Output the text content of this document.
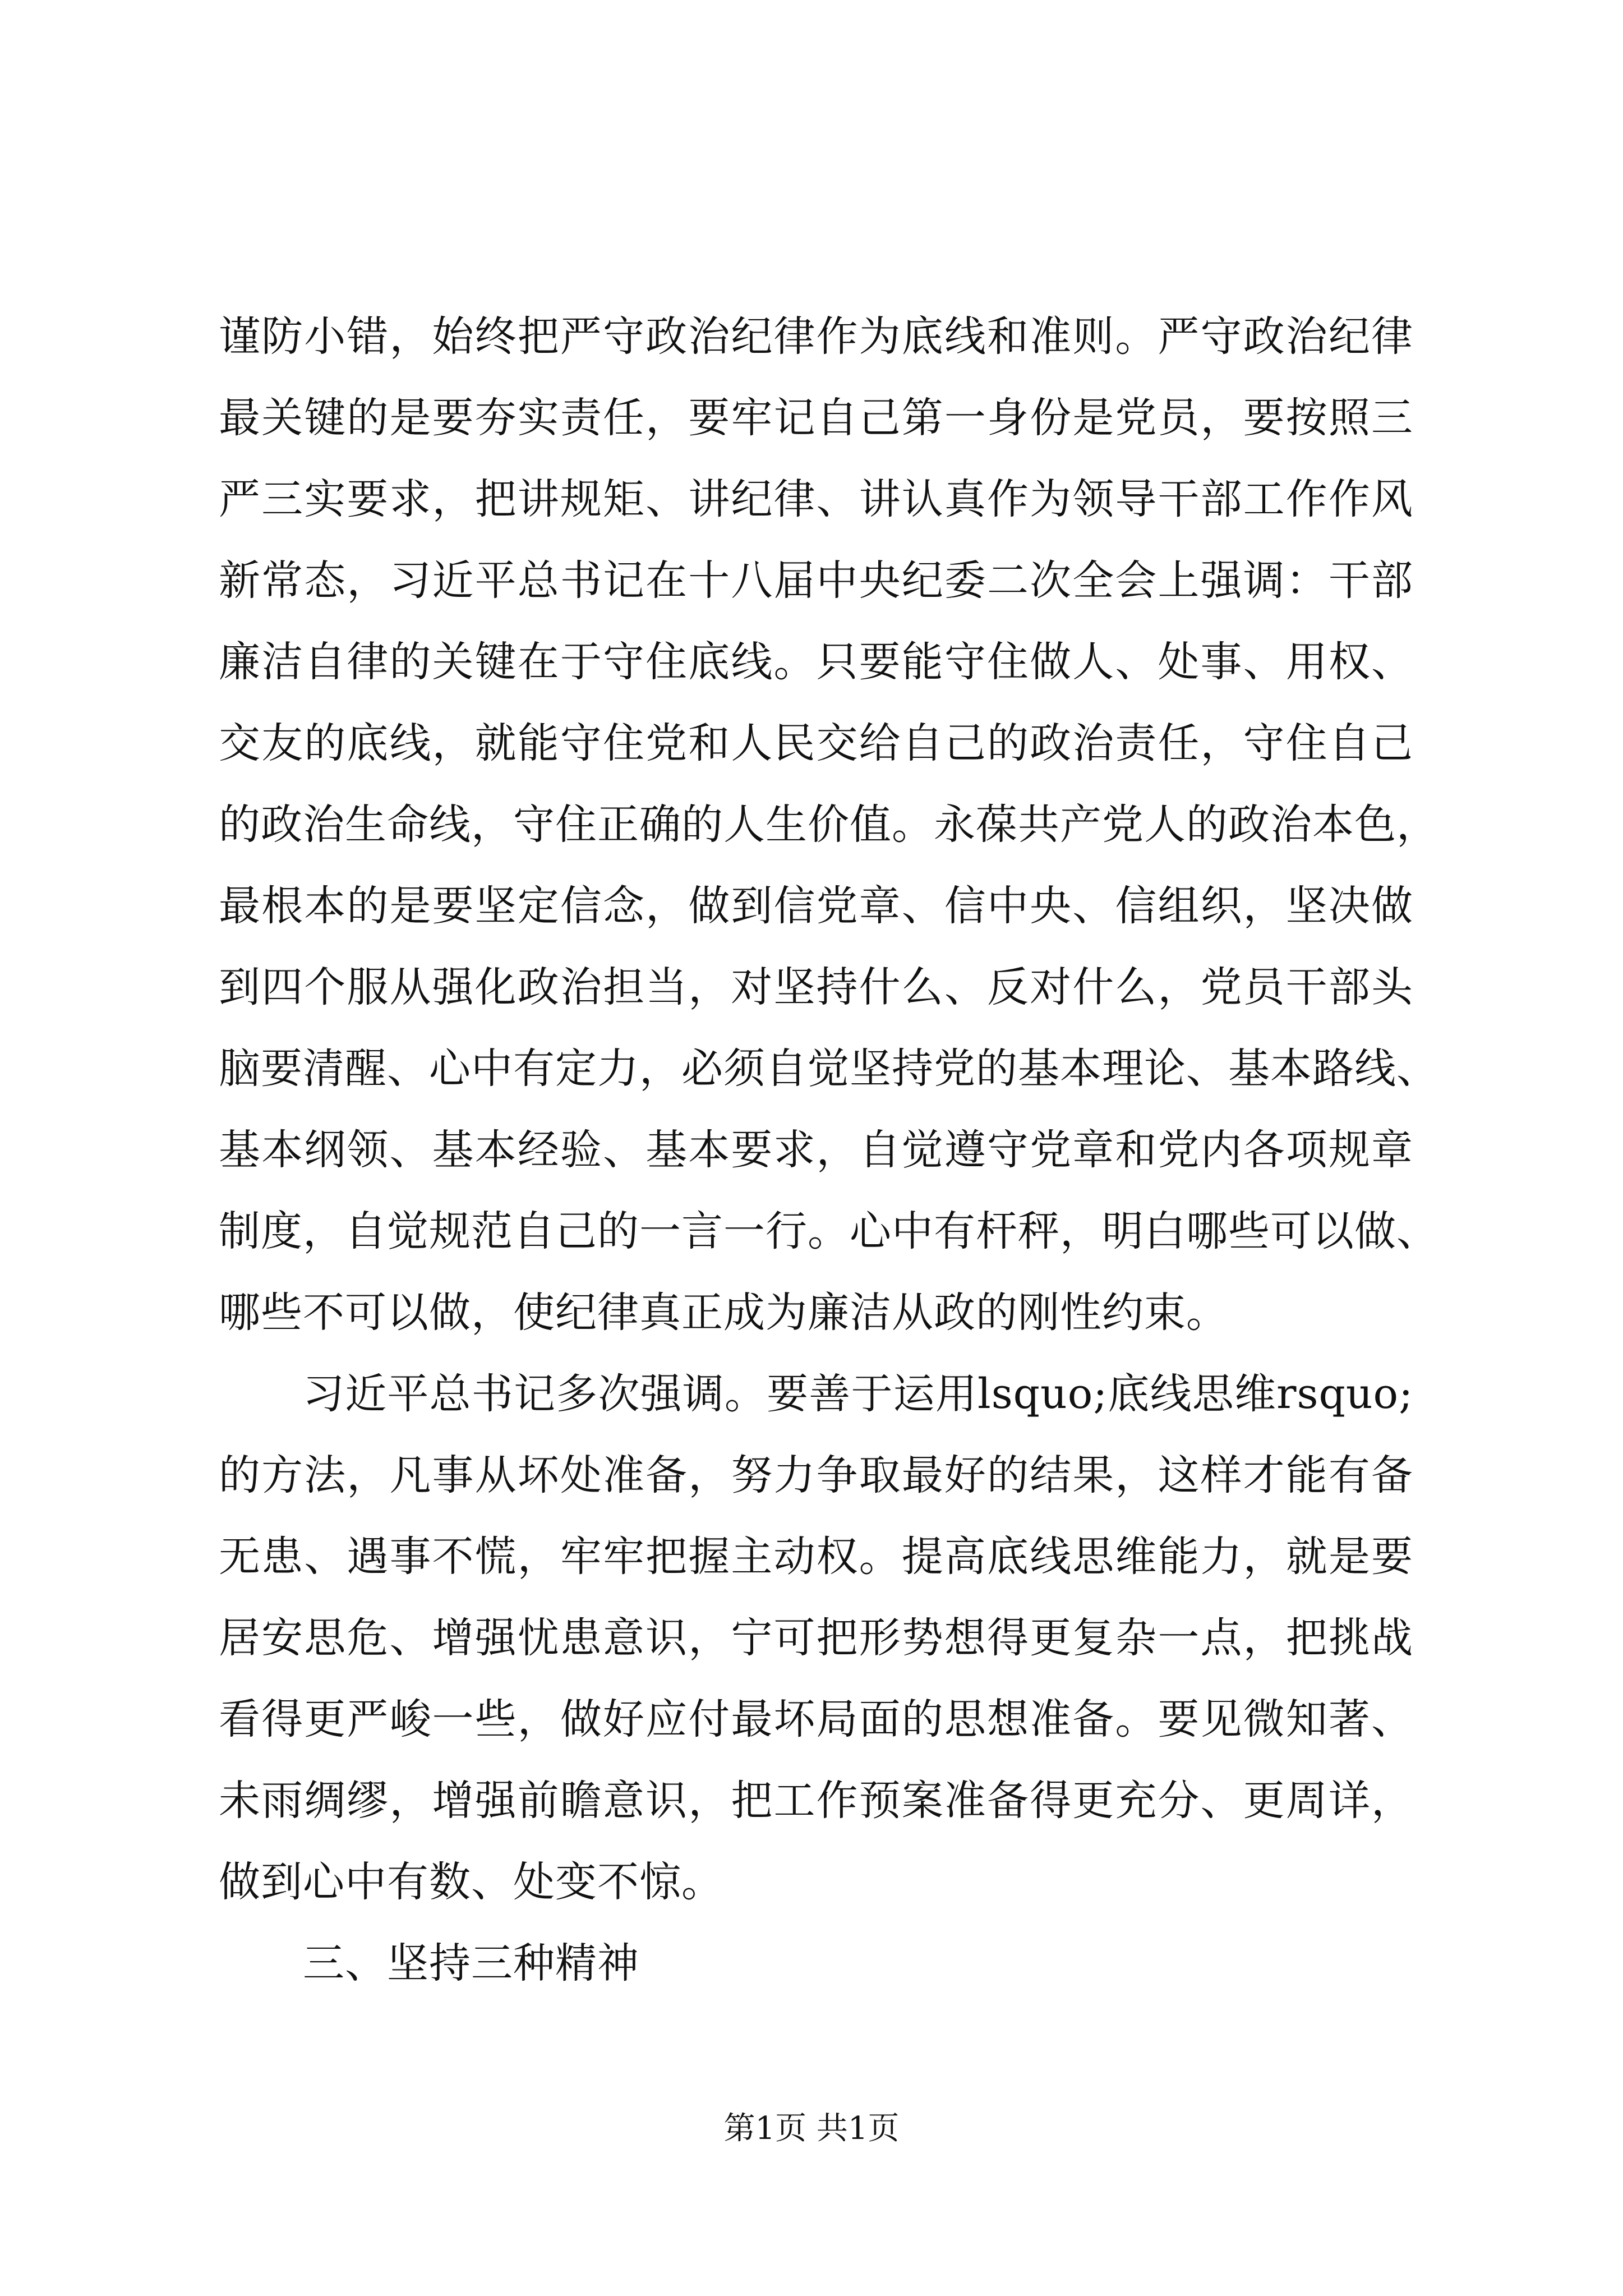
谨防小错，始终把严守政治纪律作为底线和准则。严守政治纪律
最关键的是要夯实责任，要牢记自己第一身份是党员，要按照三
严三实要求，把讲规矩、讲纪律、讲认真作为领导干部工作作风
新常态，习近平总书记在十八届中央纪委二次全会上强调：干部
廉洁自律的关键在于守住底线。只要能守住做人、处事、用权、
交友的底线，就能守住党和人民交给自己的政治责任，守住自己
的政治生命线，守住正确的人生价值。永葆共产党人的政治本色，
最根本的是要坚定信念，做到信党章、信中央、信组织，坚决做
到四个服从强化政治担当，对坚持什么、反对什么，党员干部头
脑要清醒、心中有定力，必须自觉坚持党的基本理论、基本路线、
基本纲领、基本经验、基本要求，自觉遵守党章和党内各项规章
制度，自觉规范自己的一言一行。心中有杆秤，明白哪些可以做、
哪些不可以做，使纪律真正成为廉洁从政的刚性约束。
习近平总书记多次强调。要善于运用lsquo;底线思维rsquo;
的方法，凡事从坏处准备，努力争取最好的结果，这样才能有备
无患、遇事不慌，牢牢把握主动权。提高底线思维能力，就是要
居安思危、增强忧患意识，宁可把形势想得更复杂一点，把挑战
看得更严峻一些，做好应付最坏局面的思想准备。要见微知著、
未雨绸缪，增强前瞻意识，把工作预案准备得更充分、更周详，
做到心中有数、处变不惊。
三、坚持三种精神
第1页 共1页
